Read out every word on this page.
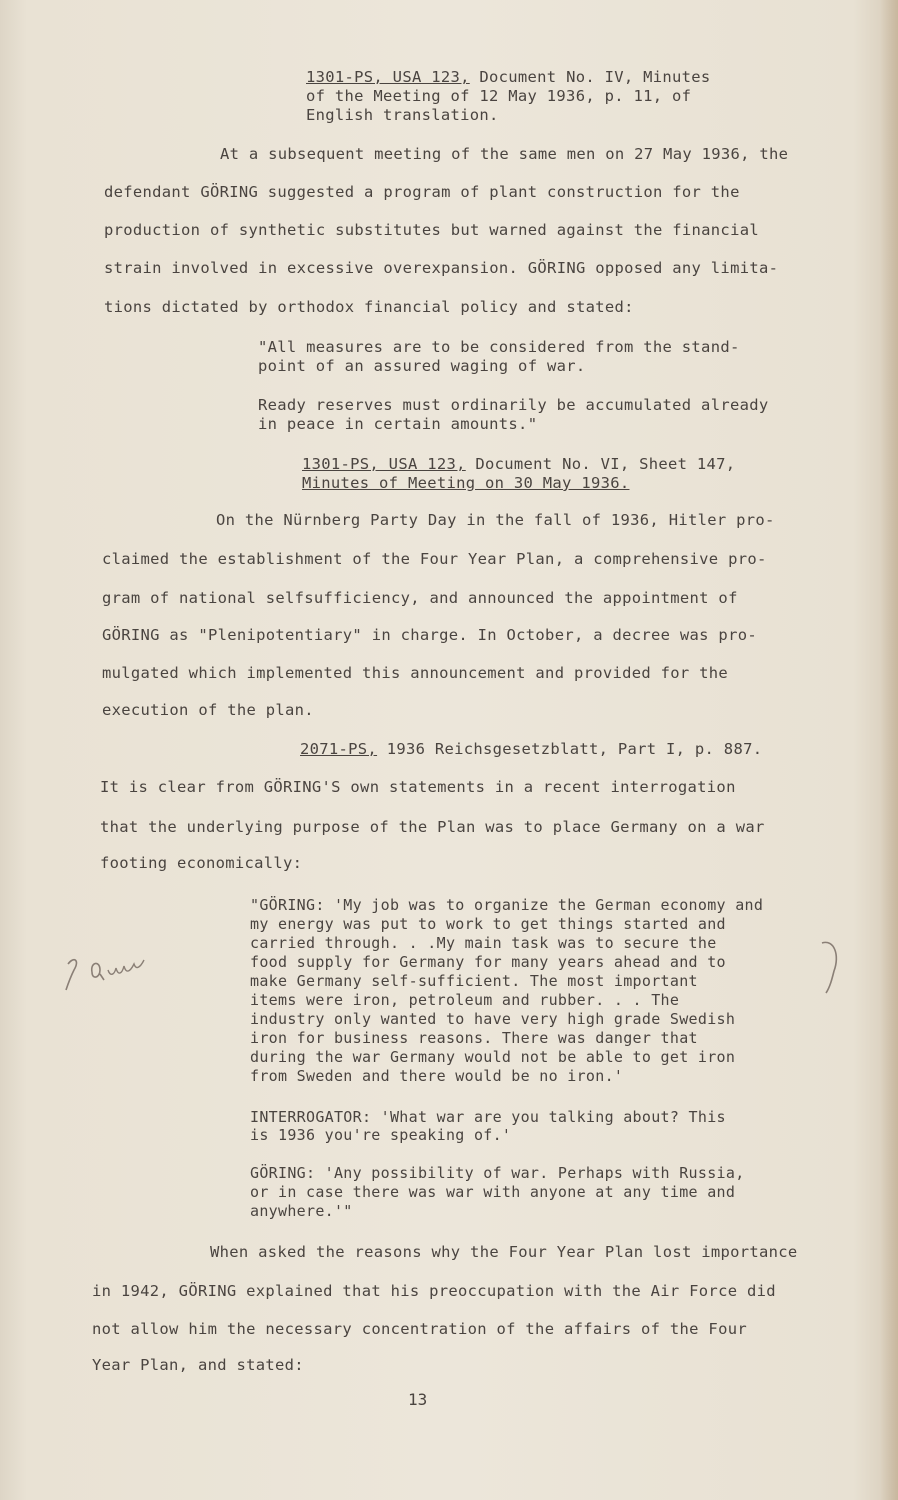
1301-PS, USA 123, Document No. IV, Minutes
of the Meeting of 12 May 1936, p. 11, of
English translation.
At a subsequent meeting of the same men on 27 May 1936, the
defendant GÖRING suggested a program of plant construction for the
production of synthetic substitutes but warned against the financial
strain involved in excessive overexpansion. GÖRING opposed any limita-
tions dictated by orthodox financial policy and stated:
"All measures are to be considered from the stand-
point of an assured waging of war.
Ready reserves must ordinarily be accumulated already
in peace in certain amounts."
1301-PS, USA 123, Document No. VI, Sheet 147,
Minutes of Meeting on 30 May 1936.
On the Nürnberg Party Day in the fall of 1936, Hitler pro-
claimed the establishment of the Four Year Plan, a comprehensive pro-
gram of national selfsufficiency, and announced the appointment of
GÖRING as "Plenipotentiary" in charge. In October, a decree was pro-
mulgated which implemented this announcement and provided for the
execution of the plan.
2071-PS, 1936 Reichsgesetzblatt, Part I, p. 887.
It is clear from GÖRING'S own statements in a recent interrogation
that the underlying purpose of the Plan was to place Germany on a war
footing economically:
"GÖRING: 'My job was to organize the German economy and
my energy was put to work to get things started and
carried through. . .My main task was to secure the
food supply for Germany for many years ahead and to
make Germany self-sufficient. The most important
items were iron, petroleum and rubber. . . The
industry only wanted to have very high grade Swedish
iron for business reasons. There was danger that
during the war Germany would not be able to get iron
from Sweden and there would be no iron.'
INTERROGATOR: 'What war are you talking about? This
is 1936 you're speaking of.'
GÖRING: 'Any possibility of war. Perhaps with Russia,
or in case there was war with anyone at any time and
anywhere.'"
When asked the reasons why the Four Year Plan lost importance
in 1942, GÖRING explained that his preoccupation with the Air Force did
not allow him the necessary concentration of the affairs of the Four
Year Plan, and stated:
13
